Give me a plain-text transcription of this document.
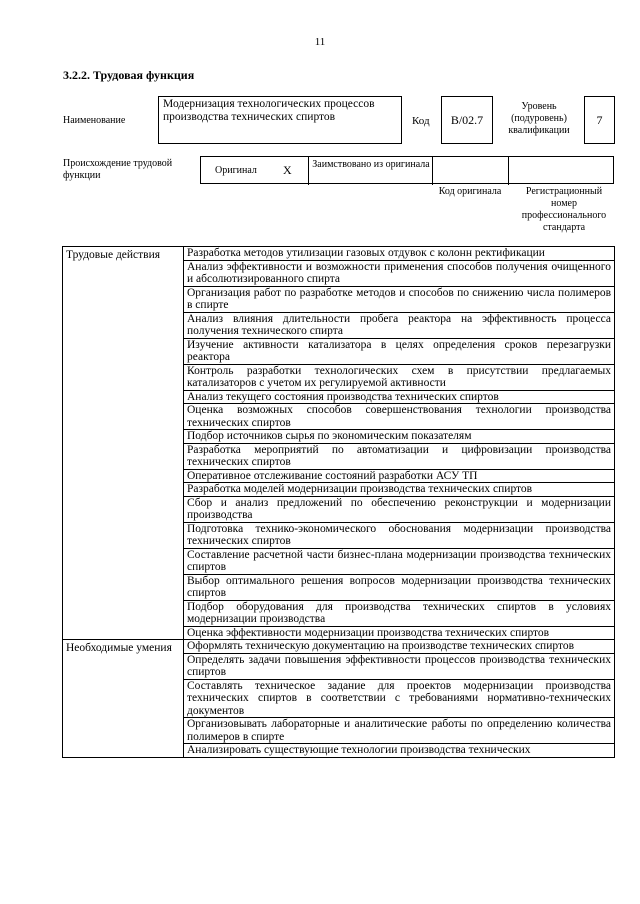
11
3.2.2. Трудовая функция
Наименование
Модернизация технологических процессов производства технических спиртов	Код	B/02.7
Уровень (подуровень) квалификации
7
Происхождение трудовой функции	Оригинал X	Заимствовано из оригинала
Код оригинала	Регистрационный номер профессионального стандарта
Трудовые действия	Разработка методов утилизации газовых отдувок с колонн ректификации
	Анализ эффективности и возможности применения способов получения очищенного и абсолютизированного спирта
	Организация работ по разработке методов и способов по снижению числа полимеров в спирте
	Анализ влияния длительности пробега реактора на эффективность процесса получения технического спирта
	Изучение активности катализатора в целях определения сроков перезагрузки реактора
	Контроль разработки технологических схем в присутствии предлагаемых катализаторов с учетом их регулируемой активности
	Анализ текущего состояния производства технических спиртов
	Оценка возможных способов совершенствования технологии производства технических спиртов
	Подбор источников сырья по экономическим показателям
	Разработка мероприятий по автоматизации и цифровизации производства технических спиртов
	Оперативное отслеживание состояний разработки АСУ ТП
	Разработка моделей модернизации производства технических спиртов
	Сбор и анализ предложений по обеспечению реконструкции и модернизации производства
	Подготовка технико-экономического обоснования модернизации производства технических спиртов
	Составление расчетной части бизнес-плана модернизации производства технических спиртов
	Выбор оптимального решения вопросов модернизации производства технических спиртов
	Подбор оборудования для производства технических спиртов в условиях модернизации производства
	Оценка эффективности модернизации производства технических спиртов
Необходимые умения	Оформлять техническую документацию на производстве технических спиртов
	Определять задачи повышения эффективности процессов производства технических спиртов
	Составлять техническое задание для проектов модернизации производства технических спиртов в соответствии с требованиями нормативно-технических документов
	Организовывать лабораторные и аналитические работы по определению количества полимеров в спирте
	Анализировать существующие технологии производства технических
